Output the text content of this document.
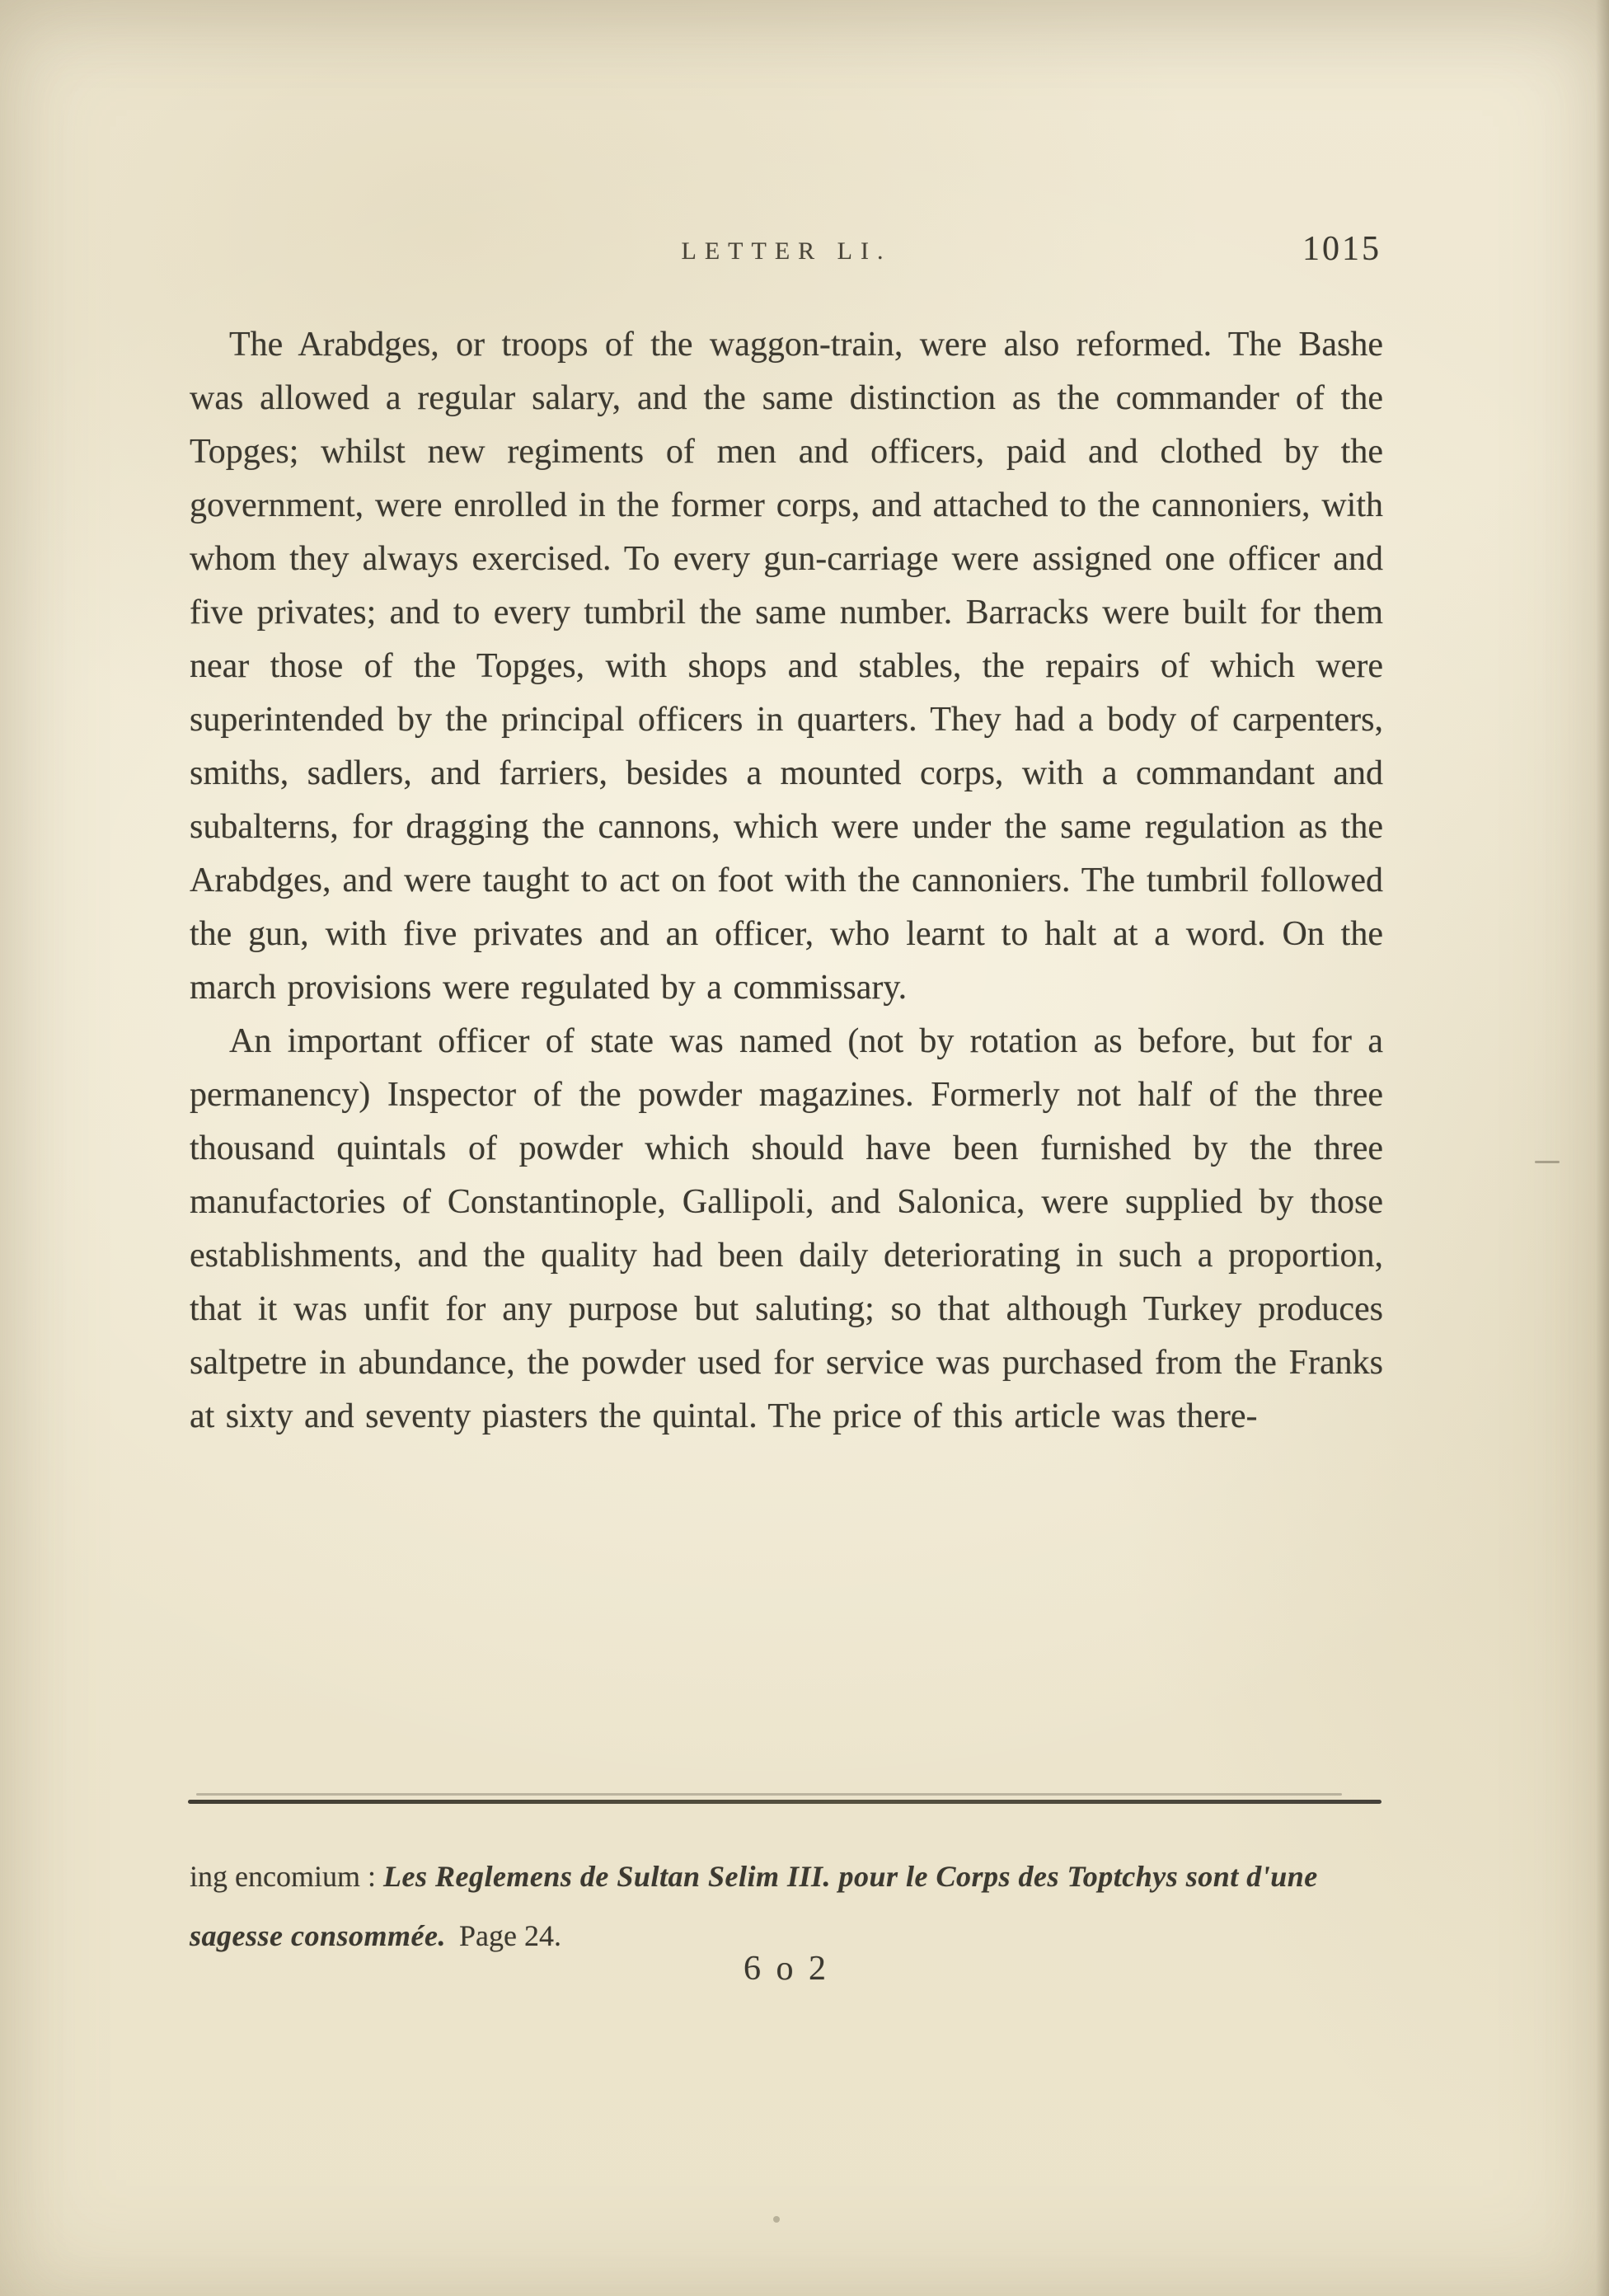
LETTER LI.	1015

The Arabdges, or troops of the waggon-train, were also reformed. The Bashe was allowed a regular salary, and the same distinction as the commander of the Topges; whilst new regiments of men and officers, paid and clothed by the government, were enrolled in the former corps, and attached to the cannoniers, with whom they always exercised. To every gun-carriage were assigned one officer and five privates; and to every tumbril the same number. Barracks were built for them near those of the Topges, with shops and stables, the repairs of which were superintended by the principal officers in quarters. They had a body of carpenters, smiths, sadlers, and farriers, besides a mounted corps, with a commandant and subalterns, for dragging the cannons, which were under the same regulation as the Arabdges, and were taught to act on foot with the cannoniers. The tumbril followed the gun, with five privates and an officer, who learnt to halt at a word. On the march provisions were regulated by a commissary.

An important officer of state was named (not by rotation as before, but for a permanency) Inspector of the powder magazines. Formerly not half of the three thousand quintals of powder which should have been furnished by the three manufactories of Constantinople, Gallipoli, and Salonica, were supplied by those establishments, and the quality had been daily deteriorating in such a proportion, that it was unfit for any purpose but saluting; so that although Turkey produces saltpetre in abundance, the powder used for service was purchased from the Franks at sixty and seventy piasters the quintal. The price of this article was there-

ing encomium : Les Reglemens de Sultan Selim III. pour le Corps des Toptchys sont d'une sagesse consommée. Page 24.
6 o 2
